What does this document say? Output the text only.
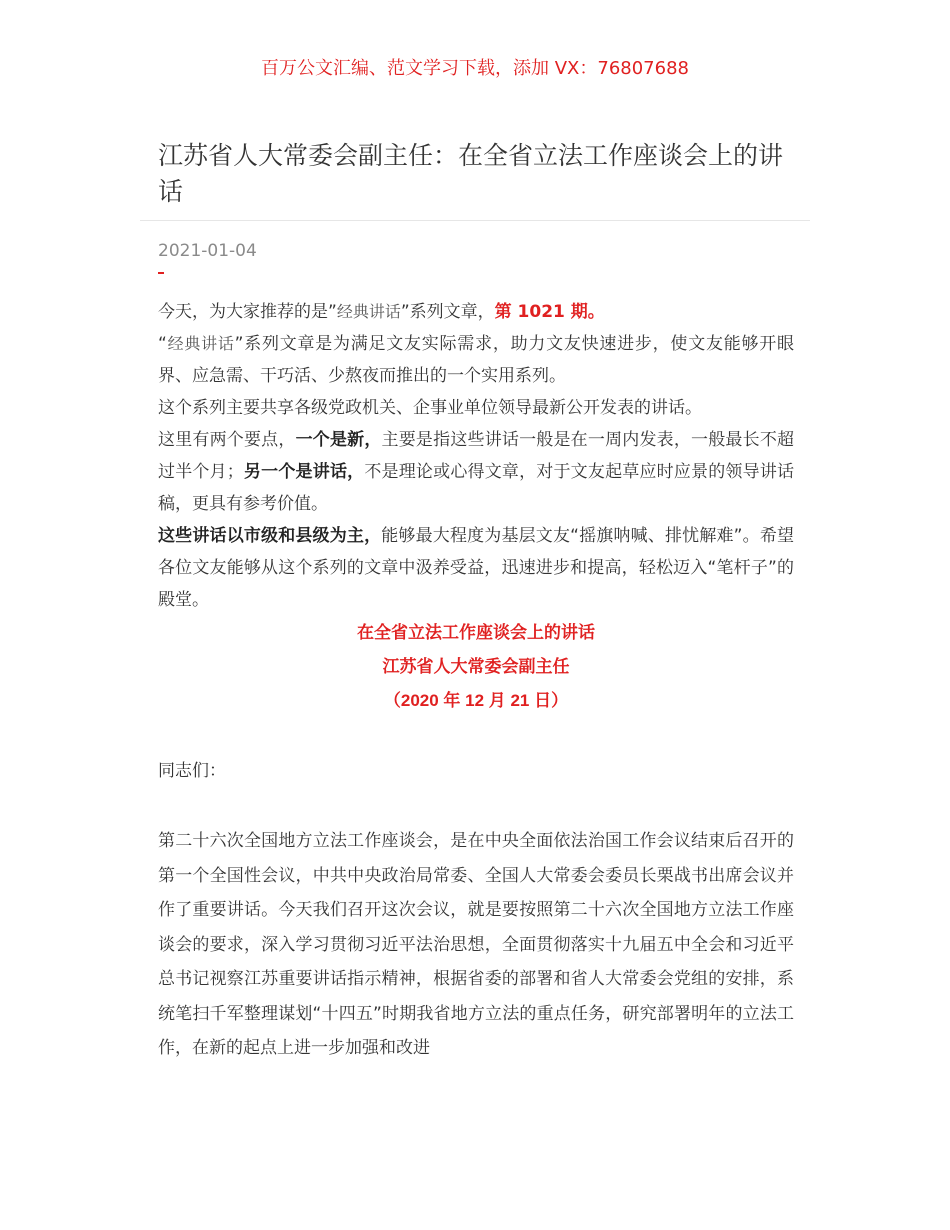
百万公文汇编、范文学习下载，添加 VX：76807688
江苏省人大常委会副主任：在全省立法工作座谈会上的讲话
2021-01-04

今天，为大家推荐的是”经典讲话”系列文章，第 1021 期。

“经典讲话”系列文章是为满足文友实际需求，助力文友快速进步，使文友能够开眼界、应急需、干巧活、少熬夜而推出的一个实用系列。

这个系列主要共享各级党政机关、企事业单位领导最新公开发表的讲话。

这里有两个要点，一个是新，主要是指这些讲话一般是在一周内发表，一般最长不超过半个月；另一个是讲话，不是理论或心得文章，对于文友起草应时应景的领导讲话稿，更具有参考价值。

这些讲话以市级和县级为主，能够最大程度为基层文友“摇旗呐喊、排忧解难”。希望各位文友能够从这个系列的文章中汲养受益，迅速进步和提高，轻松迈入“笔杆子”的殿堂。

在全省立法工作座谈会上的讲话

江苏省人大常委会副主任

（2020 年 12 月 21 日）

同志们：

第二十六次全国地方立法工作座谈会，是在中央全面依法治国工作会议结束后召开的第一个全国性会议，中共中央政治局常委、全国人大常委会委员长栗战书出席会议并作了重要讲话。今天我们召开这次会议，就是要按照第二十六次全国地方立法工作座谈会的要求，深入学习贯彻习近平法治思想，全面贯彻落实十九届五中全会和习近平总书记视察江苏重要讲话指示精神，根据省委的部署和省人大常委会党组的安排，系统笔扫千军整理谋划“十四五”时期我省地方立法的重点任务，研究部署明年的立法工作，在新的起点上进一步加强和改进
